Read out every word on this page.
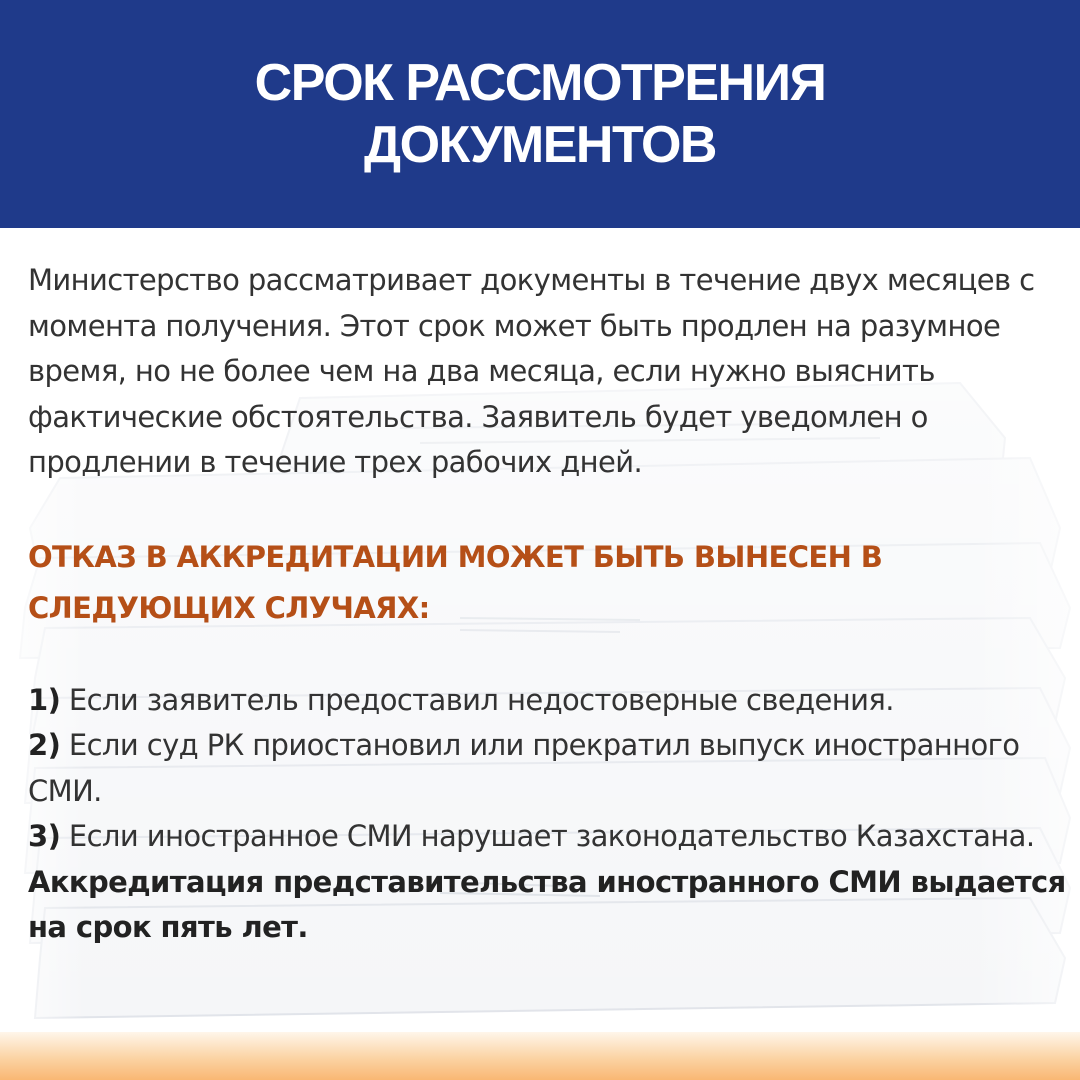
СРОК РАССМОТРЕНИЯ
ДОКУМЕНТОВ

Министерство рассматривает документы в течение двух месяцев с момента получения. Этот срок может быть продлен на разумное время, но не более чем на два месяца, если нужно выяснить фактические обстоятельства. Заявитель будет уведомлен о продлении в течение трех рабочих дней.

ОТКАЗ В АККРЕДИТАЦИИ МОЖЕТ БЫТЬ ВЫНЕСЕН В СЛЕДУЮЩИХ СЛУЧАЯХ:

1) Если заявитель предоставил недостоверные сведения.
2) Если суд РК приостановил или прекратил выпуск иностранного СМИ.
3) Если иностранное СМИ нарушает законодательство Казахстана.

Аккредитация представительства иностранного СМИ выдается на срок пять лет.
